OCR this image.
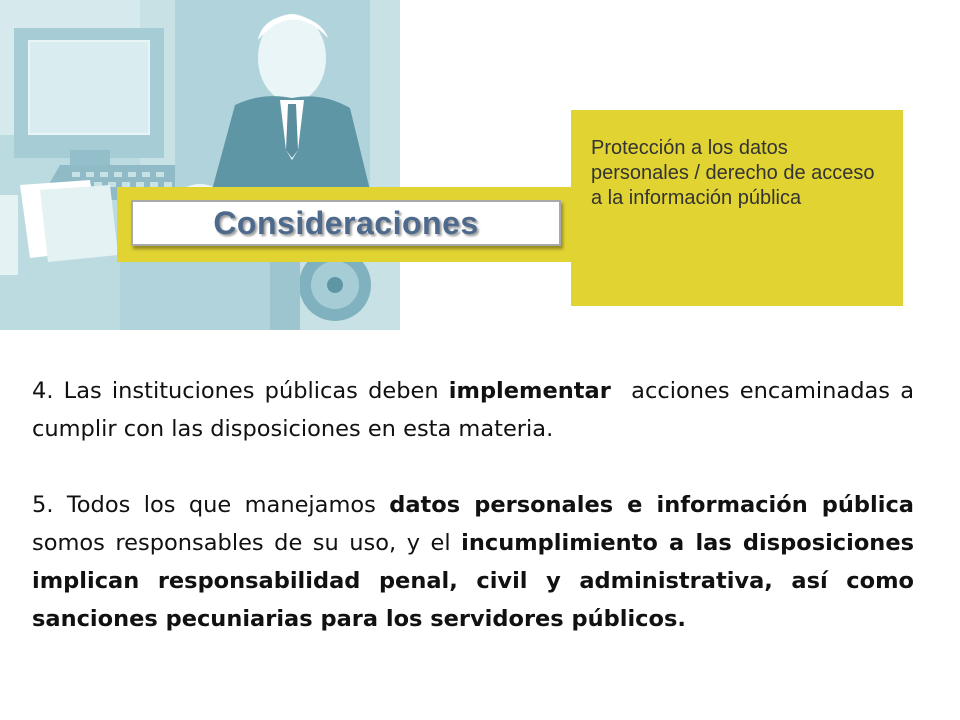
Protección a los datos personales / derecho de acceso a la información pública
Consideraciones

4. Las instituciones públicas deben implementar  acciones encaminadas a cumplir con las disposiciones en esta materia.

5. Todos los que manejamos datos personales e información pública somos responsables de su uso, y el incumplimiento a las disposiciones implican responsabilidad penal, civil y administrativa, así como sanciones pecuniarias para los servidores públicos.
